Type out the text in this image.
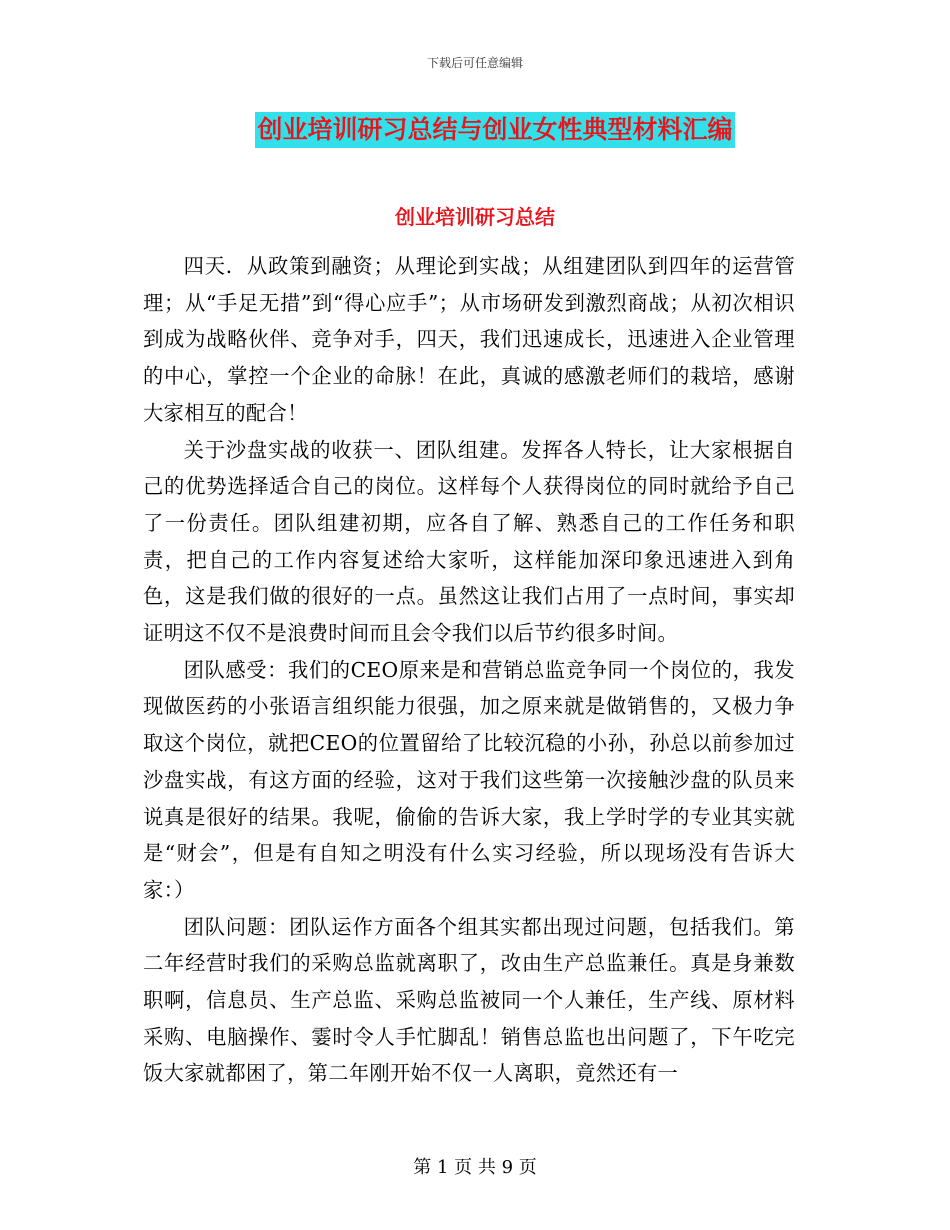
下载后可任意编辑
创业培训研习总结与创业女性典型材料汇编
创业培训研习总结

四天．从政策到融资；从理论到实战；从组建团队到四年的运营管理；从“手足无措”到“得心应手”；从市场研发到激烈商战；从初次相识到成为战略伙伴、竞争对手，四天，我们迅速成长，迅速进入企业管理的中心，掌控一个企业的命脉！在此，真诚的感激老师们的栽培，感谢大家相互的配合！

关于沙盘实战的收获一、团队组建。发挥各人特长，让大家根据自己的优势选择适合自己的岗位。这样每个人获得岗位的同时就给予自己了一份责任。团队组建初期，应各自了解、熟悉自己的工作任务和职责，把自己的工作内容复述给大家听，这样能加深印象迅速进入到角色，这是我们做的很好的一点。虽然这让我们占用了一点时间，事实却证明这不仅不是浪费时间而且会令我们以后节约很多时间。

团队感受：我们的CEO原来是和营销总监竞争同一个岗位的，我发现做医药的小张语言组织能力很强，加之原来就是做销售的，又极力争取这个岗位，就把CEO的位置留给了比较沉稳的小孙，孙总以前参加过沙盘实战，有这方面的经验，这对于我们这些第一次接触沙盘的队员来说真是很好的结果。我呢，偷偷的告诉大家，我上学时学的专业其实就是“财会”，但是有自知之明没有什么实习经验，所以现场没有告诉大家：）

团队问题：团队运作方面各个组其实都出现过问题，包括我们。第二年经营时我们的采购总监就离职了，改由生产总监兼任。真是身兼数职啊，信息员、生产总监、采购总监被同一个人兼任，生产线、原材料采购、电脑操作、霎时令人手忙脚乱！销售总监也出问题了，下午吃完饭大家就都困了，第二年刚开始不仅一人离职，竟然还有一

第 1 页 共 9 页
